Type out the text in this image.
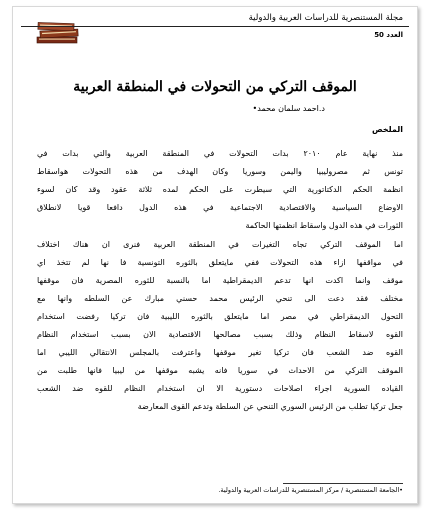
مجلة المستنصرية للدراسات العربية والدولية
العدد 50
الموقف التركي من التحولات في المنطقة العربية
د.احمد سلمان محمد•
الملخص
منذ نهاية عام ٢٠١٠ بدات التحولات في المنطقة العربية والتي بدات في
تونس ثم مصروليبيا واليمن وسوريا وكان الهدف من هذه التحولات هواسقاط
انظمة الحكم الدكتاتورية التي سيطرت على الحكم لمده ثلاثة عقود وقد كان لسوء
الاوضاع السياسية والاقتصادية الاجتماعية في هذه الدول دافعا قويا لانطلاق
الثورات في هذه الدول واسقاط انظمتها الحاكمة
اما الموقف التركي تجاه التغيرات في المنطقة العربية فنرى ان هناك اختلاف
في مواقفها ازاء هذه التحولات ففي مايتعلق بالثوره التونسية فا نها لم تتخذ اي
موقف وانما اكدت انها تدعم الديمقراطية اما بالنسبة للثوره المصرية فان موقفها
مختلف فقد دعت الى تنحي الرئيس محمد حسني مبارك عن السلطه وانها مع
التحول الديمقراطي في مصر اما مايتعلق بالثوره الليبية فان تركيا رفضت استخدام
القوه لاسقاط النظام وذلك بسبب مصالحها الاقتصادية الان بسبب استخدام النظام
القوه ضد الشعب فان تركيا تغير موقفها واعترفت بالمجلس الانتقالي الليبي اما
الموقف التركي من الاحداث في سوريا فانه يشبه موقفها من ليبيا فانها طلبت من
القياده السورية اجراء اصلاحات دستورية الا ان استخدام النظام للقوه ضد الشعب
جعل تركيا تطلب من الرئيس السوري التنحي عن السلطة وتدعم القوى المعارضة
•الجامعة المستنصرية / مركز المستنصرية للدراسات العربية والدولية.
